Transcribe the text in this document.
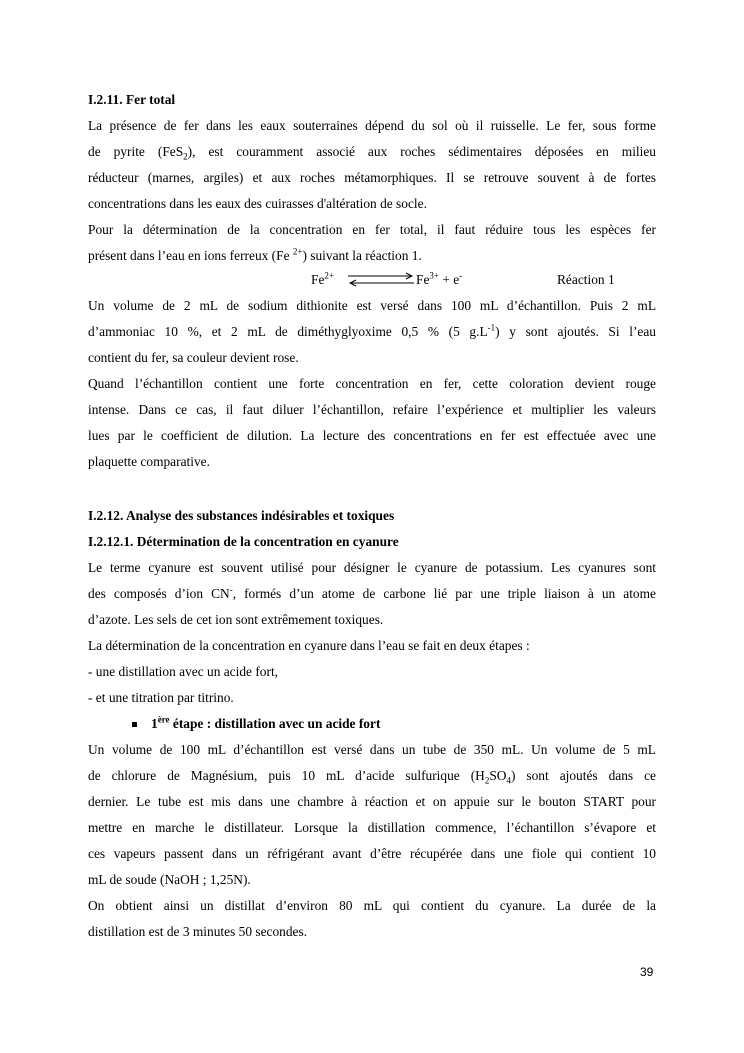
I.2.11. Fer total
La présence de fer dans les eaux souterraines dépend du sol où il ruisselle. Le fer, sous forme
de pyrite (FeS$_2$), est couramment associé aux roches sédimentaires déposées en milieu
réducteur (marnes, argiles) et aux roches métamorphiques. Il se retrouve souvent à de fortes
concentrations dans les eaux des cuirasses d'altération de socle.
Pour la détermination de la concentration en fer total, il faut réduire tous les espèces fer
présent dans l’eau en ions ferreux (Fe $^{2+}$) suivant la réaction 1.
$Fe^{2+}$	$Fe^{3+} + e^-$	Réaction 1
Un volume de 2 mL de sodium dithionite est versé dans 100 mL d’échantillon. Puis 2 mL
d’ammoniac 10 %, et 2 mL de diméthyglyoxime 0,5 % (5 $g.L^{-1}$) y sont ajoutés. Si l’eau
contient du fer, sa couleur devient rose.
Quand l’échantillon contient une forte concentration en fer, cette coloration devient rouge
intense. Dans ce cas, il faut diluer l’échantillon, refaire l’expérience et multiplier les valeurs
lues par le coefficient de dilution. La lecture des concentrations en fer est effectuée avec une
plaquette comparative.
I.2.12. Analyse des substances indésirables et toxiques
I.2.12.1. Détermination de la concentration en cyanure
Le terme cyanure est souvent utilisé pour désigner le cyanure de potassium. Les cyanures sont
des composés d’ion CN-, formés d’un atome de carbone lié par une triple liaison à un atome
d’azote. Les sels de cet ion sont extrêmement toxiques.
La détermination de la concentration en cyanure dans l’eau se fait en deux étapes :
- une distillation avec un acide fort,
- et une titration par titrino.
1ère étape : distillation avec un acide fort
Un volume de 100 mL d’échantillon est versé dans un tube de 350 mL. Un volume de 5 mL
de chlorure de Magnésium, puis 10 mL d’acide sulfurique $(H_2SO_4)$ sont ajoutés dans ce
dernier. Le tube est mis dans une chambre à réaction et on appuie sur le bouton START pour
mettre en marche le distillateur. Lorsque la distillation commence, l’échantillon s’évapore et
ces vapeurs passent dans un réfrigérant avant d’être récupérée dans une fiole qui contient 10
mL de soude (NaOH ; 1,25N).
On obtient ainsi un distillat d’environ 80 mL qui contient du cyanure. La durée de la
distillation est de 3 minutes 50 secondes.
39
